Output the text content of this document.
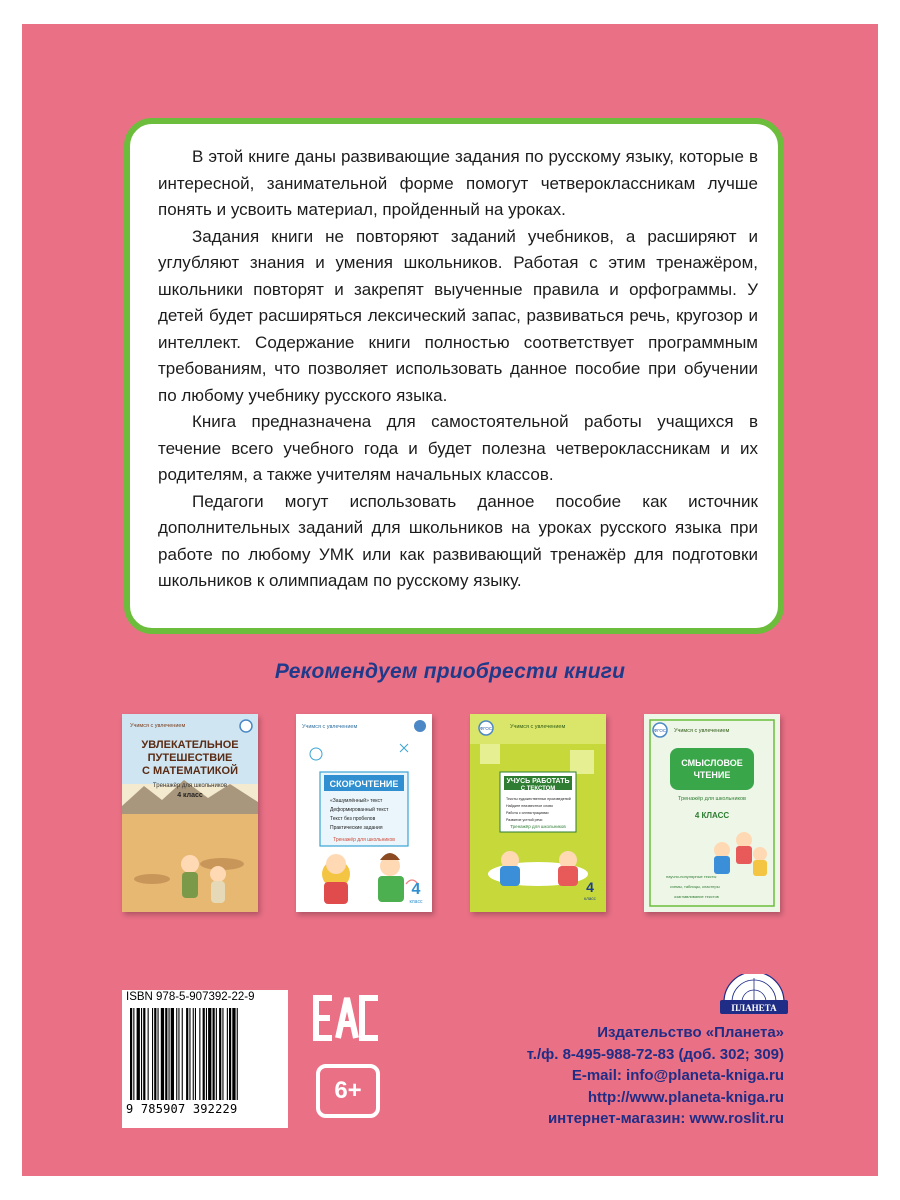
В этой книге даны развивающие задания по русскому языку, которые в интересной, занимательной форме помогут четвероклассникам лучше понять и усвоить материал, пройденный на уроках.

Задания книги не повторяют заданий учебников, а расширяют и углубляют знания и умения школьников. Работая с этим тренажёром, школьники повторят и закрепят выученные правила и орфограммы. У детей будет расширяться лексический запас, развиваться речь, кругозор и интеллект. Содержание книги полностью соответствует программным требованиям, что позволяет использовать данное пособие при обучении по любому учебнику русского языка.

Книга предназначена для самостоятельной работы учащихся в течение всего учебного года и будет полезна четвероклассникам и их родителям, а также учителям начальных классов.

Педагоги могут использовать данное пособие как источник дополнительных заданий для школьников на уроках русского языка при работе по любому УМК или как развивающий тренажёр для подготовки школьников к олимпиадам по русскому языку.

Рекомендуем приобрести книги
Учимся с увлечением
УВЛЕКАТЕЛЬНОЕ
ПУТЕШЕСТВИЕ
С МАТЕМАТИКОЙ
Тренажёр для школьников
4 класс
Учимся с увлечением
СКОРОЧТЕНИЕ
«Зашумлённый» текст
Деформированный текст
Текст без пробелов
Практические задания
Тренажёр для школьников
4
класс
ФГОС	Учимся с увлечением
УЧУСЬ РАБОТАТЬ
С ТЕКСТОМ
Тексты художественных произведений
Найдите неизвестное слово
Работа с иллюстрациями
Развитие устной речи
Тренажёр для школьников
4
класс
ФГОС Учимся с увлечением
СМЫСЛОВОЕ
ЧТЕНИЕ
Тренажёр для школьников
4 КЛАСС
научно-популярные тексты
схемы, таблицы, кластеры
озаглавливание текстов
ISBN 978-5-907392-22-9
9 785907 392229
6+
ПЛАНЕТА
Издательство «Планета»
т./ф. 8-495-988-72-83 (доб. 302; 309)
E-mail: info@planeta-kniga.ru
http://www.planeta-kniga.ru
интернет-магазин: www.roslit.ru
